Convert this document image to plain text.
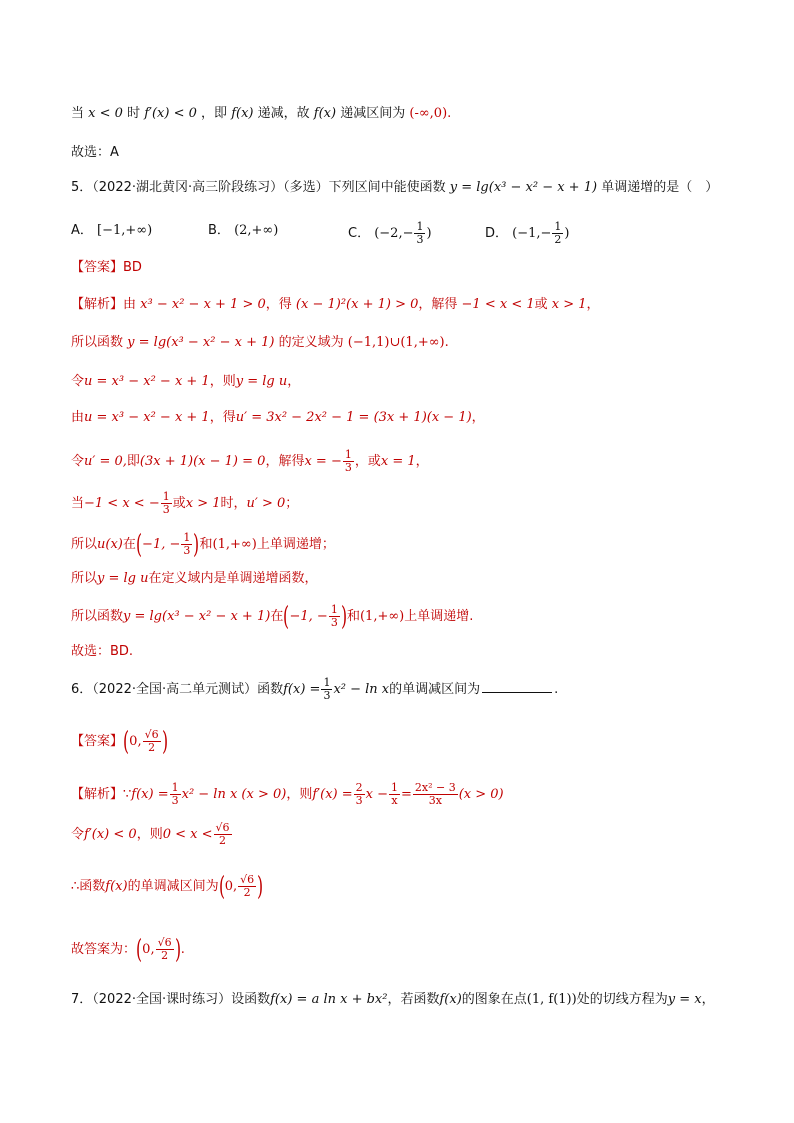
当 x < 0 时 f′(x) < 0 ，即 f(x) 递减，故 f(x) 递减区间为 (-∞,0).
故选：A
5．（2022·湖北黄冈·高三阶段练习）（多选）下列区间中能使函数 y = lg(x³ − x² − x + 1) 单调递增的是（　）
A． [−1,+∞)	B． (2,+∞)	C． ($-2,- \frac{1}{3}$ )	D． ($-1,- \frac{1}{2}$ )
【答案】BD
【解析】由 x³ − x² − x + 1 > 0，得 (x − 1)²(x + 1) > 0，解得 −1 < x < 1或 x > 1，
所以函数 y = lg(x³ − x² − x + 1) 的定义域为 (−1,1)∪(1,+∞).
令u = x³ − x² − x + 1，则y = lg u，
由u = x³ − x² − x + 1，得u′ = 3x² − 2x² − 1 = (3x + 1)(x − 1)，
令u′ = 0,即(3x + 1)(x − 1) = 0，解得x = − $\frac{1}{3}$ ，或x = 1，
当−1 < x < − $\frac{1}{3}$ 或x > 1时，u′ > 0；
所以u(x)在(−1, − $\frac{1}{3}$ )和(1,+∞)上单调递增；
所以y = lg u在定义域内是单调递增函数，
所以函数y = lg(x³ − x² − x + 1)在(−1, − $\frac{1}{3}$ )和(1,+∞)上单调递增.
故选：BD.
6．（2022·全国·高二单元测试）函数$f(x) = \frac{1}{3} x^2 - \ln x$的单调减区间为	.
【答案】(0, $\frac{√6}{2}$ )
【解析】∵f(x) = $\frac{1}{3} x^2 - \ln x$ (x > 0)，则$f'(x) = \frac{2}{3}$ $x - \frac{1}{x} = \frac{\text{2x² − 3}}{3x} (x > 0)$
令f′(x) < 0，则$0 < x < \frac{√6}{2}$
∴函数f(x)的单调减区间为(0, $\frac{√6}{2}$ )
故答案为：(0, $\frac{√6}{2}$ ).
7．（2022·全国·课时练习）设函数f(x) = a ln x + bx²，若函数f(x)的图象在点(1, f(1))处的切线方程为y = x，
